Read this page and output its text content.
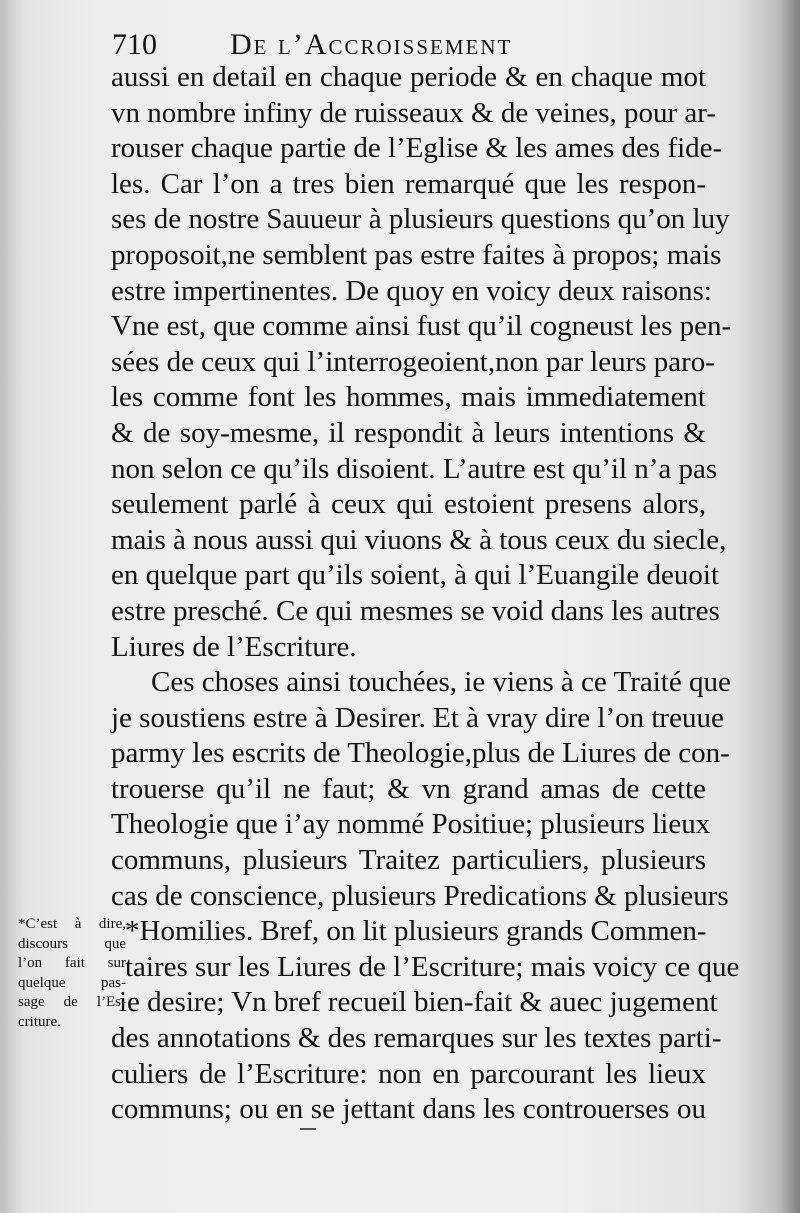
710 De l’Accroissement
aussi en detail en chaque periode & en chaque mot
vn nombre infiny de ruisseaux & de veines, pour ar-
rouser chaque partie de l’Eglise & les ames des fide-
les. Car l’on a tres bien remarqué que les respon-
ses de nostre Sauueur à plusieurs questions qu’on luy
proposoit,ne semblent pas estre faites à propos; mais
estre impertinentes. De quoy en voicy deux raisons:
Vne est, que comme ainsi fust qu’il cogneust les pen-
sées de ceux qui l’interrogeoient,non par leurs paro-
les comme font les hommes, mais immediatement
& de soy-mesme, il respondit à leurs intentions &
non selon ce qu’ils disoient. L’autre est qu’il n’a pas
seulement parlé à ceux qui estoient presens alors,
mais à nous aussi qui viuons & à tous ceux du siecle,
en quelque part qu’ils soient, à qui l’Euangile deuoit
estre presché. Ce qui mesmes se void dans les autres
Liures de l’Escriture.
Ces choses ainsi touchées, ie viens à ce Traité que
je soustiens estre à Desirer. Et à vray dire l’on treuue
parmy les escrits de Theologie,plus de Liures de con-
trouerse qu’il ne faut; & vn grand amas de cette
Theologie que i’ay nommé Positiue; plusieurs lieux
communs, plusieurs Traitez particuliers, plusieurs
cas de conscience, plusieurs Predications & plusieurs
*Homilies. Bref, on lit plusieurs grands Commen-
taires sur les Liures de l’Escriture; mais voicy ce que
ie desire; Vn bref recueil bien-fait & auec jugement
des annotations & des remarques sur les textes parti-
culiers de l’Escriture: non en parcourant les lieux
communs; ou en se jettant dans les controuerses ou
*C’est à dire,
discours que
l’on fait sur
quelque pas-
sage de l’Es-
criture.
